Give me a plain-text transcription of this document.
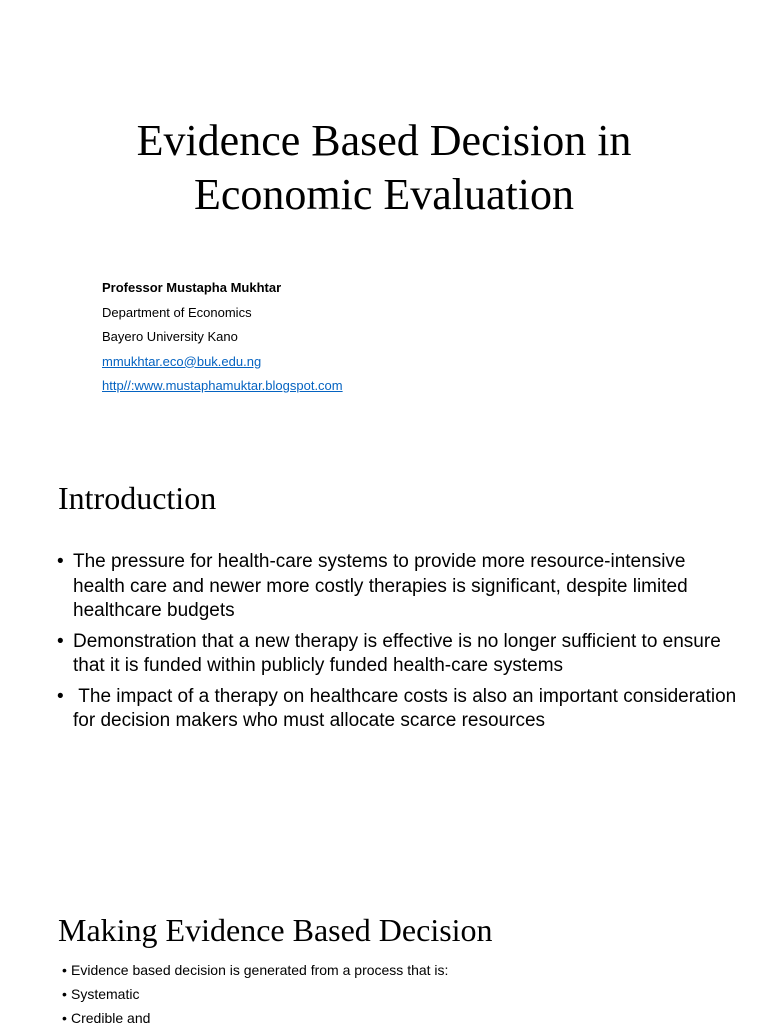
Evidence Based Decision in
Economic Evaluation
Professor Mustapha Mukhtar
Department of Economics
Bayero University Kano
mmukhtar.eco@buk.edu.ng
http//:www.mustaphamuktar.blogspot.com
Introduction
• The pressure for health-care systems to provide more resource-intensive health care and newer more costly therapies is significant, despite limited healthcare budgets
• Demonstration that a new therapy is effective is no longer sufficient to ensure that it is funded within publicly funded health-care systems
•  The impact of a therapy on healthcare costs is also an important consideration for decision makers who must allocate scarce resources
Making Evidence Based Decision
• Evidence based decision is generated from a process that is:
• Systematic
• Credible and
